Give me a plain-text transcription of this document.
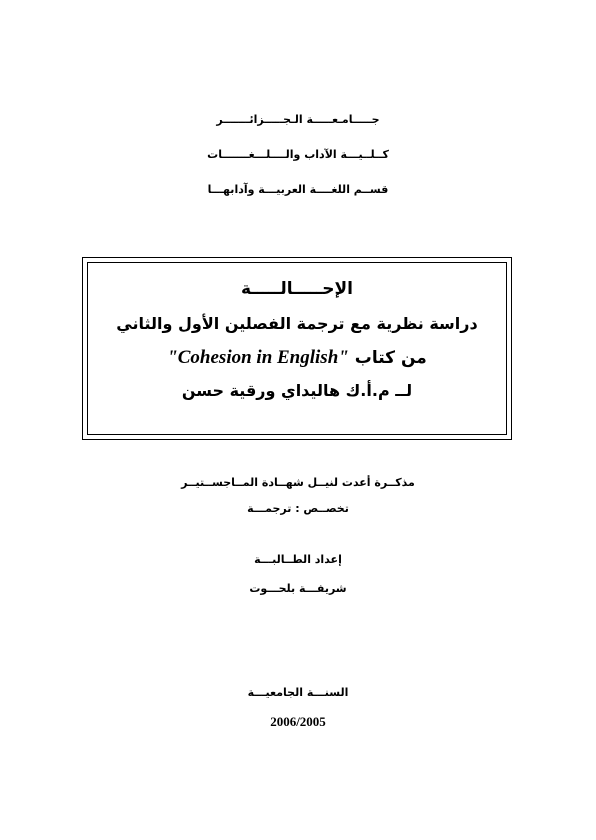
جـــــامـعـــــة الـجـــــزائـــــــر
كــلــيـــة الآداب والــــلـــغـــــــات
قســم اللغــــة العربيـــة وآدابهـــا
الإحـــــالـــــة
دراسة نظرية مع ترجمة الفصلين الأول والثاني
من كتاب "Cohesion in English"
لــ م.أ.ك هاليداي ورقية حسن
مذكــرة أعدت لنيــل شهــادة المــاجســتيــر
تخصــص : ترجمـــة
إعداد الطــالبـــة
شريفـــة بلحـــوت
السنـــة الجامعيـــة
2006/2005
